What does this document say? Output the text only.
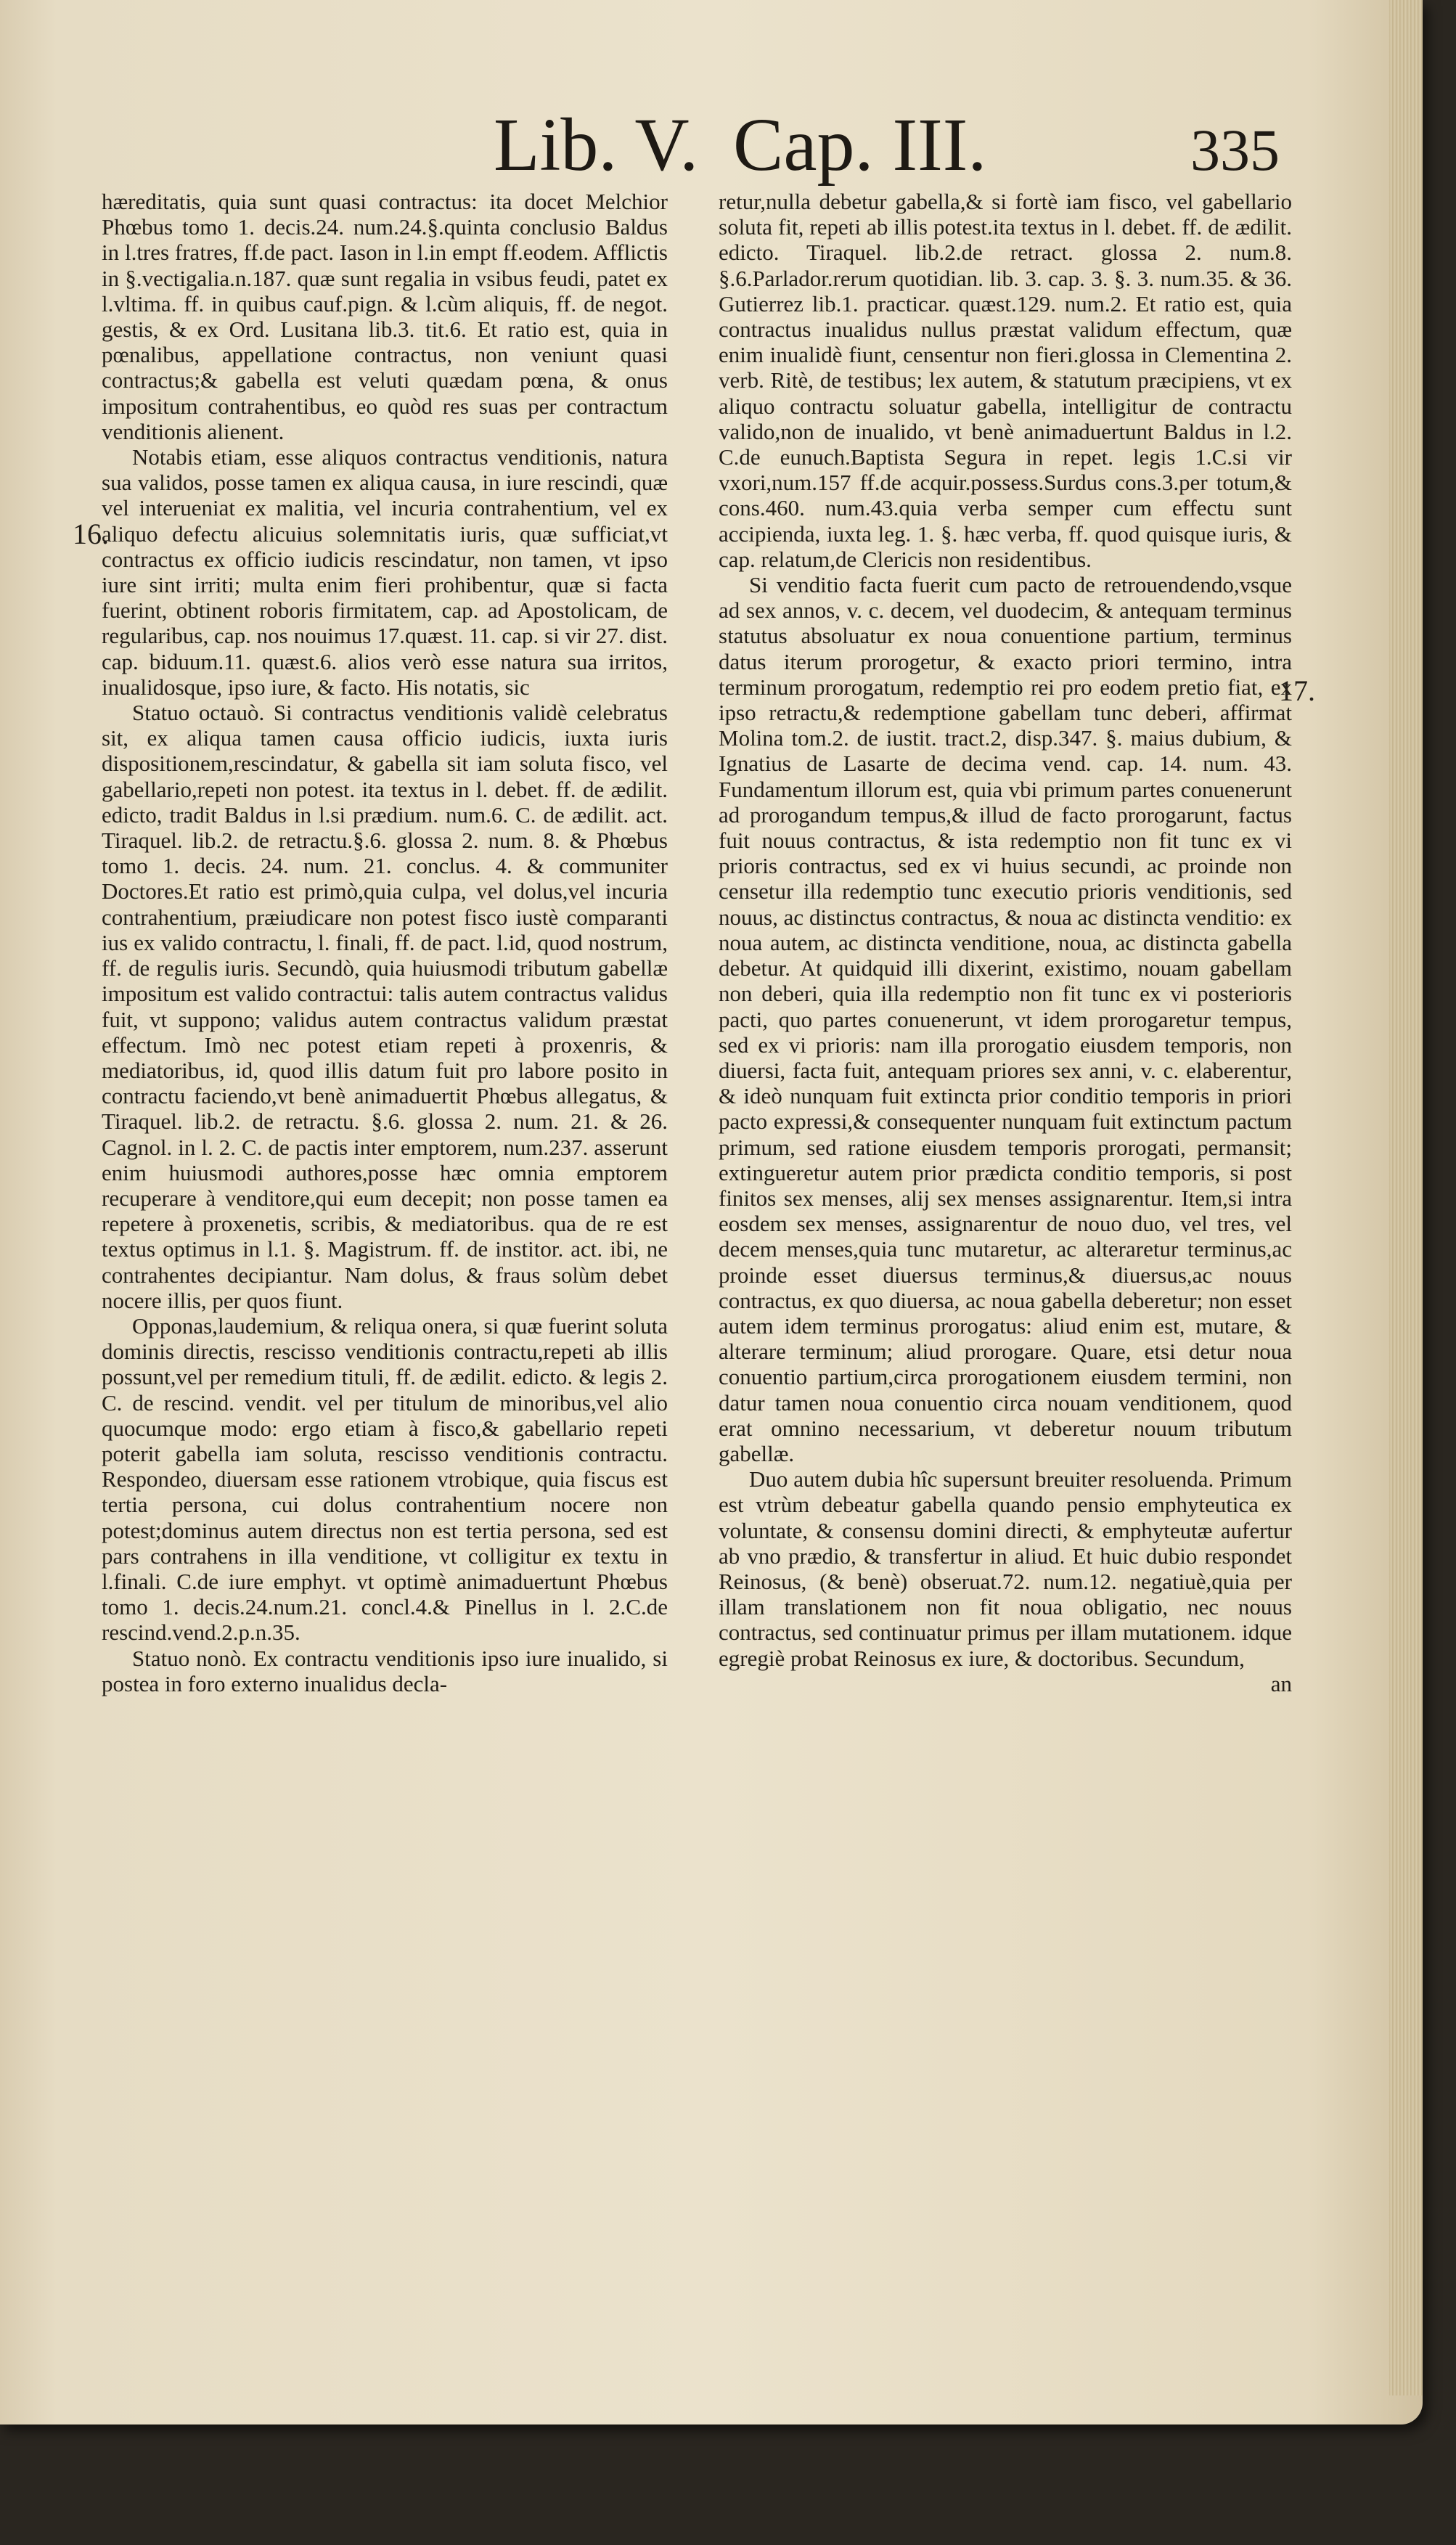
Lib. V. Cap. III.	335
16.
17.

hæreditatis, quia sunt quasi contractus: ita docet Melchior Phœbus tomo 1. decis.24. num.24.§.quinta conclusio Baldus in l.tres fratres, ff.de pact. Iason in l.in empt ff.eodem. Afflictis in §.vectigalia.n.187. quæ sunt regalia in vsibus feudi, patet ex l.vltima. ff. in quibus cauf.pign. & l.cùm aliquis, ff. de negot. gestis, & ex Ord. Lusitana lib.3. tit.6. Et ratio est, quia in pœnalibus, appellatione contractus, non veniunt quasi contractus;& gabella est veluti quædam pœna, & onus impositum contrahentibus, eo quòd res suas per contractum venditionis alienent.

Notabis etiam, esse aliquos contractus venditionis, natura sua validos, posse tamen ex aliqua causa, in iure rescindi, quæ vel interueniat ex malitia, vel incuria contrahentium, vel ex aliquo defectu alicuius solemnitatis iuris, quæ sufficiat,vt contractus ex officio iudicis rescindatur, non tamen, vt ipso iure sint irriti; multa enim fieri prohibentur, quæ si facta fuerint, obtinent roboris firmitatem, cap. ad Apostolicam, de regularibus, cap. nos nouimus 17.quæst. 11. cap. si vir 27. dist. cap. biduum.11. quæst.6. alios verò esse natura sua irritos, inualidosque, ipso iure, & facto. His notatis, sic

Statuo octauò. Si contractus venditionis validè celebratus sit, ex aliqua tamen causa officio iudicis, iuxta iuris dispositionem,rescindatur, & gabella sit iam soluta fisco, vel gabellario,repeti non potest. ita textus in l. debet. ff. de ædilit. edicto, tradit Baldus in l.si prædium. num.6. C. de ædilit. act. Tiraquel. lib.2. de retractu.§.6. glossa 2. num. 8. & Phœbus tomo 1. decis. 24. num. 21. conclus. 4. & communiter Doctores.Et ratio est primò,quia culpa, vel dolus,vel incuria contrahentium, præiudicare non potest fisco iustè comparanti ius ex valido contractu, l. finali, ff. de pact. l.id, quod nostrum, ff. de regulis iuris. Secundò, quia huiusmodi tributum gabellæ impositum est valido contractui: talis autem contractus validus fuit, vt suppono; validus autem contractus validum præstat effectum. Imò nec potest etiam repeti à proxenris, & mediatoribus, id, quod illis datum fuit pro labore posito in contractu faciendo,vt benè animaduertit Phœbus allegatus, & Tiraquel. lib.2. de retractu. §.6. glossa 2. num. 21. & 26. Cagnol. in l. 2. C. de pactis inter emptorem, num.237. asserunt enim huiusmodi authores,posse hæc omnia emptorem recuperare à venditore,qui eum decepit; non posse tamen ea repetere à proxenetis, scribis, & mediatoribus. qua de re est textus optimus in l.1. §. Magistrum. ff. de institor. act. ibi, ne contrahentes decipiantur. Nam dolus, & fraus solùm debet nocere illis, per quos fiunt.

Opponas,laudemium, & reliqua onera, si quæ fuerint soluta dominis directis, rescisso venditionis contractu,repeti ab illis possunt,vel per remedium tituli, ff. de ædilit. edicto. & legis 2. C. de rescind. vendit. vel per titulum de minoribus,vel alio quocumque modo: ergo etiam à fisco,& gabellario repeti poterit gabella iam soluta, rescisso venditionis contractu. Respondeo, diuersam esse rationem vtrobique, quia fiscus est tertia persona, cui dolus contrahentium nocere non potest;dominus autem directus non est tertia persona, sed est pars contrahens in illa venditione, vt colligitur ex textu in l.finali. C.de iure emphyt. vt optimè animaduertunt Phœbus tomo 1. decis.24.num.21. concl.4.& Pinellus in l. 2.C.de rescind.vend.2.p.n.35.

Statuo nonò. Ex contractu venditionis ipso iure inualido, si postea in foro externo inualidus decla-

retur,nulla debetur gabella,& si fortè iam fisco, vel gabellario soluta fit, repeti ab illis potest.ita textus in l. debet. ff. de ædilit. edicto. Tiraquel. lib.2.de retract. glossa 2. num.8. §.6.Parlador.rerum quotidian. lib. 3. cap. 3. §. 3. num.35. & 36. Gutierrez lib.1. practicar. quæst.129. num.2. Et ratio est, quia contractus inualidus nullus præstat validum effectum, quæ enim inualidè fiunt, censentur non fieri.glossa in Clementina 2. verb. Ritè, de testibus; lex autem, & statutum præcipiens, vt ex aliquo contractu soluatur gabella, intelligitur de contractu valido,non de inualido, vt benè animaduertunt Baldus in l.2. C.de eunuch.Baptista Segura in repet. legis 1.C.si vir vxori,num.157 ff.de acquir.possess.Surdus cons.3.per totum,& cons.460. num.43.quia verba semper cum effectu sunt accipienda, iuxta leg. 1. §. hæc verba, ff. quod quisque iuris, & cap. relatum,de Clericis non residentibus.

Si venditio facta fuerit cum pacto de retrouendendo,vsque ad sex annos, v. c. decem, vel duodecim, & antequam terminus statutus absoluatur ex noua conuentione partium, terminus datus iterum prorogetur, & exacto priori termino, intra terminum prorogatum, redemptio rei pro eodem pretio fiat, ex ipso retractu,& redemptione gabellam tunc deberi, affirmat Molina tom.2. de iustit. tract.2, disp.347. §. maius dubium, & Ignatius de Lasarte de decima vend. cap. 14. num. 43. Fundamentum illorum est, quia vbi primum partes conuenerunt ad prorogandum tempus,& illud de facto prorogarunt, factus fuit nouus contractus, & ista redemptio non fit tunc ex vi prioris contractus, sed ex vi huius secundi, ac proinde non censetur illa redemptio tunc executio prioris venditionis, sed nouus, ac distinctus contractus, & noua ac distincta venditio: ex noua autem, ac distincta venditione, noua, ac distincta gabella debetur. At quidquid illi dixerint, existimo, nouam gabellam non deberi, quia illa redemptio non fit tunc ex vi posterioris pacti, quo partes conuenerunt, vt idem prorogaretur tempus, sed ex vi prioris: nam illa prorogatio eiusdem temporis, non diuersi, facta fuit, antequam priores sex anni, v. c. elaberentur, & ideò nunquam fuit extincta prior conditio temporis in priori pacto expressi,& consequenter nunquam fuit extinctum pactum primum, sed ratione eiusdem temporis prorogati, permansit; extingueretur autem prior prædicta conditio temporis, si post finitos sex menses, alij sex menses assignarentur. Item,si intra eosdem sex menses, assignarentur de nouo duo, vel tres, vel decem menses,quia tunc mutaretur, ac alteraretur terminus,ac proinde esset diuersus terminus,& diuersus,ac nouus contractus, ex quo diuersa, ac noua gabella deberetur; non esset autem idem terminus prorogatus: aliud enim est, mutare, & alterare terminum; aliud prorogare. Quare, etsi detur noua conuentio partium,circa prorogationem eiusdem termini, non datur tamen noua conuentio circa nouam venditionem, quod erat omnino necessarium, vt deberetur nouum tributum gabellæ.

Duo autem dubia hîc supersunt breuiter resoluenda. Primum est vtrùm debeatur gabella quando pensio emphyteutica ex voluntate, & consensu domini directi, & emphyteutæ aufertur ab vno prædio, & transfertur in aliud. Et huic dubio respondet Reinosus, (& benè) obseruat.72. num.12. negatiuè,quia per illam translationem non fit noua obligatio, nec nouus contractus, sed continuatur primus per illam mutationem. idque egregiè probat Reinosus ex iure, & doctoribus. Secundum,

an
